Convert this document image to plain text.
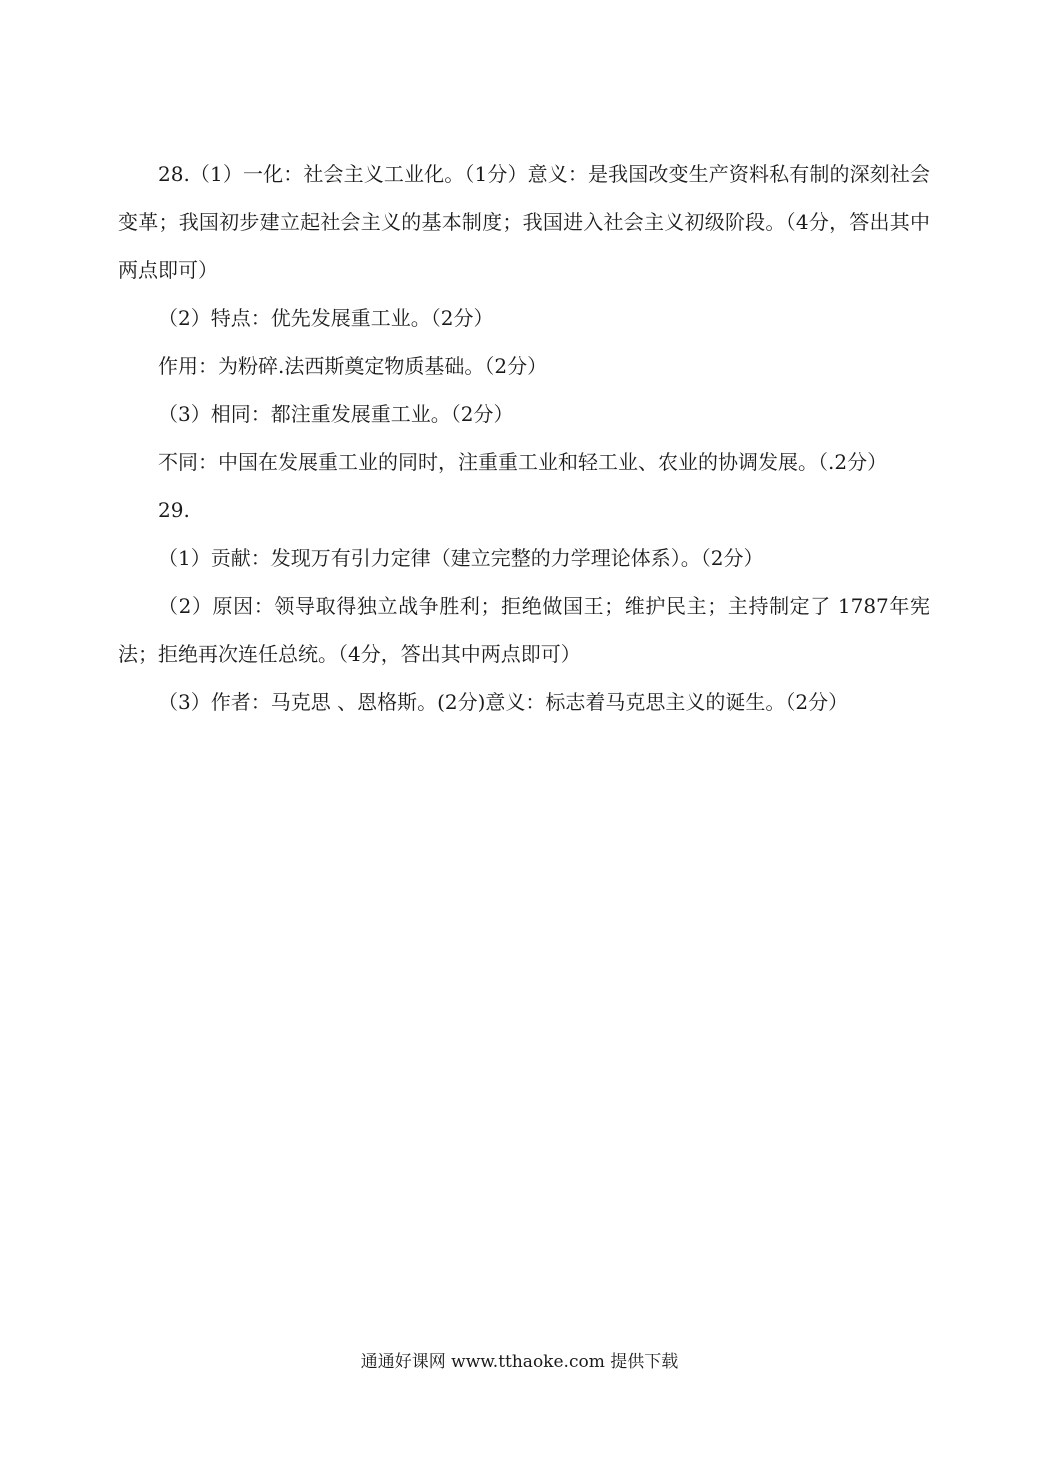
28.（1）一化：社会主义工业化。（1分）意义：是我国改变生产资料私有制的深刻社会变革；我国初步建立起社会主义的基本制度；我国进入社会主义初级阶段。（4分，答出其中两点即可）

（2）特点：优先发展重工业。（2分）

作用：为粉碎.法西斯奠定物质基础。（2分）

（3）相同：都注重发展重工业。（2分）

不同：中国在发展重工业的同时，注重重工业和轻工业、农业的协调发展。（.2分）

29.

（1）贡献：发现万有引力定律（建立完整的力学理论体系）。（2分）

（2）原因：领导取得独立战争胜利；拒绝做国王；维护民主；主持制定了 1787年宪法；拒绝再次连任总统。（4分，答出其中两点即可）

（3）作者：马克思 、恩格斯。(2分)意义：标志着马克思主义的诞生。（2分）

通通好课网 www.tthaoke.com 提供下载
